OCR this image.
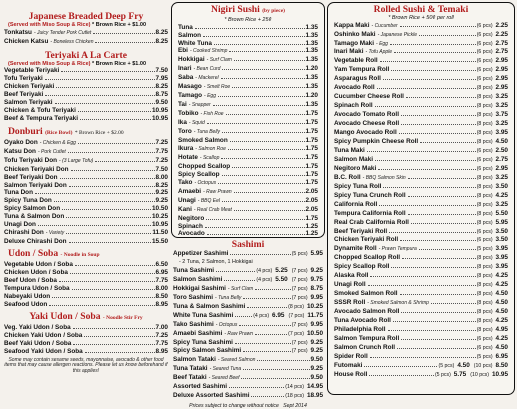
Japanese Breaded Deep Fry
(Served with Miso Soup & Rice) * Brown Rice + $1.00
Tonkatsu - Juicy Tender Pork Cutlet	8.25
Chicken Katsu - Boneless Chicken	8.25
Teriyaki A La Carte
(Served with Miso Soup & Rice) * Brown Rice + $1.00
Vegetable Teriyaki	7.50
Tofu Teriyaki	7.95
Chicken Teriyaki	8.25
Beef Teriyaki	8.75
Salmon Teriyaki	9.50
Chicken & Tofu Teriyaki	10.95
Beef & Tempura Teriyaki	10.95
Donburi (Rice Bowl) * Brown Rice + $2.00
Oyako Don - Chicken & Egg	7.25
Katsu Don - Pork Cutlet	7.75
Tofu Teriyaki Don - (3 Large Tofu)	7.25
Chicken Teriyaki Don	7.50
Beef Teriyaki Don	8.00
Salmon Teriyaki Don	8.25
Tuna Don	9.25
Spicy Tuna Don	9.25
Spicy Salmon Don	10.50
Tuna & Salmon Don	10.25
Unagi Don	10.95
Chirashi Don - Variety	11.50
Deluxe Chirashi Don	15.50
Udon / Soba - Noodle in Soup
Vegetable Udon / Soba	6.50
Chicken Udon / Soba	6.95
Beef Udon / Soba	7.75
Tempura Udon / Soba	8.00
Nabeyaki Udon	8.50
Seafood Udon	8.95
Yaki Udon / Soba - Noodle Stir Fry
Veg. Yaki Udon / Soba	7.00
Chicken Yaki Udon / Soba	7.25
Beef Yaki Udon / Soba	7.75
Seafood Yaki Udon / Soba	8.95
Some may contain sesame seeds, mayonnaise, avocado & other food items that may cause allergen reactions. Please let us know beforehand if this applies!
Nigiri Sushi (by piece)
* Brown Rice + 25¢
Tuna	1.35
Salmon	1.35
White Tuna	1.35
Ebi - Cooked Shrimp	1.35
Hokkigai - Surf Clam	1.35
Inari - Bean Curd	1.20
Saba - Mackerel	1.35
Masago - Smelt Roe	1.35
Tamago - Egg	1.20
Tai - Snapper	1.35
Tobiko - Fish Roe	1.75
Ika - Squid	1.75
Toro - Tuna Belly	1.75
Smoked Salmon	1.75
Ikura - Salmon Roe	1.75
Hotate - Scallop	1.75
Chopped Scallop	1.75
Spicy Scallop	1.75
Tako - Octopus	1.75
Amaebi - Raw Prawn	2.05
Unagi - BBQ Eel	2.05
Kani - Real Crab Meat	2.05
Negitoro	1.75
Spinach	1.25
Avocado	1.25
Sashimi
Appetizer Sashimi	(5 pcs) 5.95
- 2 Tuna, 2 Salmon, 1 Hokkigai
Tuna Sashimi	(4 pcs) 5.25 (7 pcs) 9.25
Salmon Sashimi	(4 pcs) 5.50 (7 pcs) 9.75
Hokkigai Sashimi - Surf Clam	(7 pcs) 8.75
Toro Sashimi - Tuna Belly	(7 pcs) 9.95
Tuna & Salmon Sashimi	(8 pcs) 10.25
White Tuna Sashimi	(4 pcs) 6.95 (7 pcs) 11.75
Tako Sashimi - Octopus	(7 pcs) 9.95
Amaebi Sashimi - Raw Prawn	(7 pcs) 10.50
Spicy Tuna Sashimi	(7 pcs) 9.25
Spicy Salmon Sashimi	(7 pcs) 9.25
Salmon Tataki - Seared Salmon	9.50
Tuna Tataki - Seared Tuna	9.25
Beef Tataki - Seared Beef	9.50
Assorted Sashimi	(14 pcs) 14.95
Deluxe Assorted Sashimi	(18 pcs) 18.95
Prices subject to change without notice Sept 2014
Rolled Sushi & Temaki
* Brown Rice + 50¢ per roll
Kappa Maki - Cucumber	(6 pcs) 2.25
Oshinko Maki - Japanese Pickle	(6 pcs) 2.25
Tamago Maki - Egg	(6 pcs) 2.75
Inari Maki - Tofu Apple	(6 pcs) 2.75
Vegetable Roll	(6 pcs) 2.95
Yam Tempura Roll	(6 pcs) 2.95
Asparagus Roll	(6 pcs) 2.95
Avocado Roll	(8 pcs) 2.95
Cucumber Cheese Roll	(8 pcs) 3.25
Spinach Roll	(8 pcs) 3.25
Avocado Tomato Roll	(8 pcs) 3.75
Avocado Cheese Roll	(8 pcs) 3.25
Mango Avocado Roll	(8 pcs) 3.95
Spicy Pumpkin Cheese Roll	(8 pcs) 4.50
Tuna Maki	(6 pcs) 2.50
Salmon Maki	(6 pcs) 2.75
Negitoro Maki	(6 pcs) 2.95
B.C. Roll - BBQ Salmon Skin	(8 pcs) 3.25
Spicy Tuna Roll	(8 pcs) 3.50
Spicy Tuna Crunch Roll	(8 pcs) 4.25
California Roll	(8 pcs) 3.25
Tempura California Roll	(8 pcs) 5.50
Real Crab California Roll	(8 pcs) 5.95
Beef Teriyaki Roll	(6 pcs) 3.50
Chicken Teriyaki Roll	(6 pcs) 3.50
Dynamite Roll - Prawn Tempura	(5 pcs) 3.95
Chopped Scallop Roll	(8 pcs) 3.95
Spicy Scallop Roll	(8 pcs) 3.95
Alaska Roll	(8 pcs) 4.25
Unagi Roll	(8 pcs) 4.25
Smoked Salmon Roll	(8 pcs) 4.50
SSSR Roll - Smoked Salmon & Shrimp	(8 pcs) 4.50
Avocado Salmon Roll	(8 pcs) 4.50
Tuna Avocado Roll	(8 pcs) 4.25
Philadelphia Roll	(8 pcs) 4.95
Salmon Tempura Roll	(6 pcs) 4.25
Salmon Crunch Roll	(6 pcs) 4.50
Spider Roll	(5 pcs) 6.95
Futomaki	(5 pcs) 4.50 (10 pcs) 8.50
House Roll	(5 pcs) 5.75 (10 pcs) 10.95
